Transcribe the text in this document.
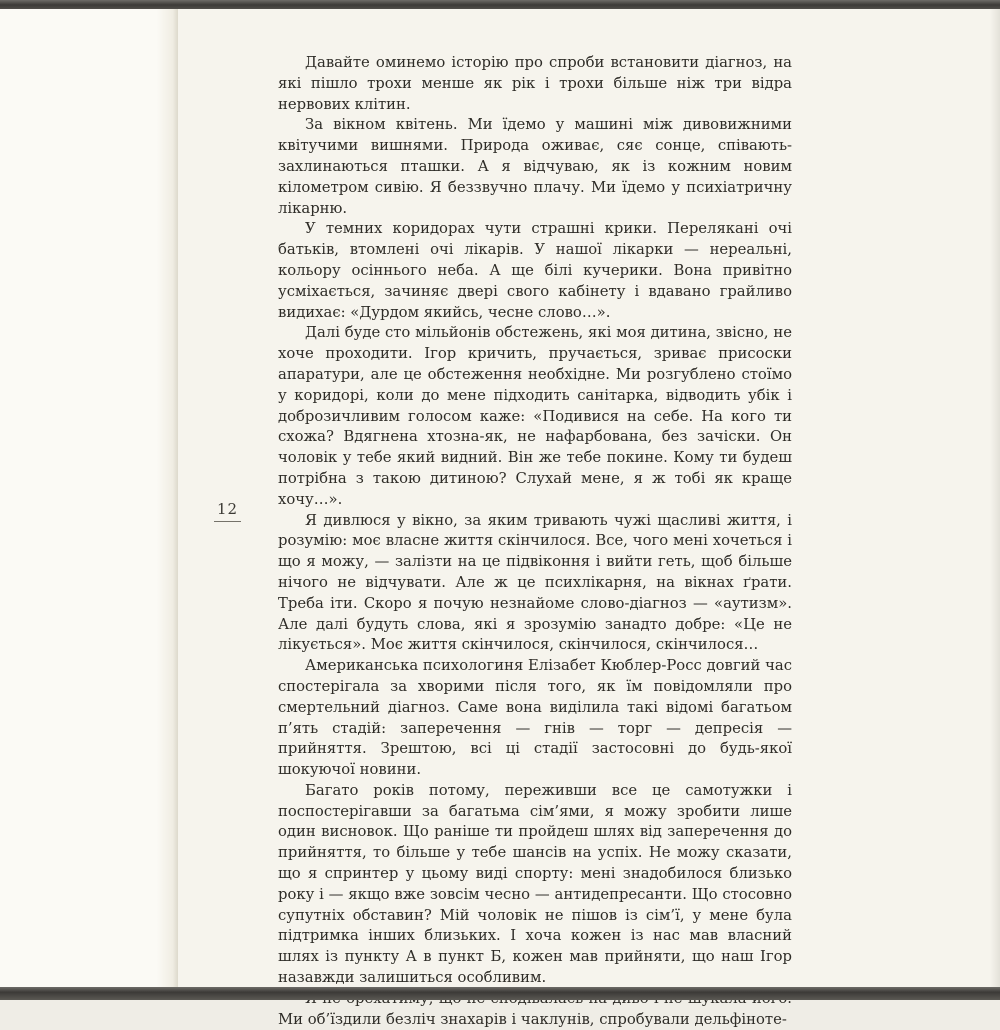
12

Давайте оминемо історію про спроби встановити діагноз, на які пішло трохи менше як рік і трохи більше ніж три відра нервових клітин.

За вікном квітень. Ми їдемо у машині між дивовижними квітучими вишнями. Природа оживає, сяє сонце, співають-захлинаються пташки. А я відчуваю, як із кожним новим кілометром сивію. Я беззвучно плачу. Ми їдемо у психіатричну лікарню.

У темних коридорах чути страшні крики. Перелякані очі батьків, втомлені очі лікарів. У нашої лікарки — нереальні, кольору осіннього неба. А ще білі кучерики. Вона привітно усміхається, зачиняє двері свого кабінету і вдавано грайливо видихає: «Дурдом якийсь, чесне слово…».

Далі буде сто мільйонів обстежень, які моя дитина, звісно, не хоче проходити. Ігор кричить, пручається, зриває присоски апаратури, але це обстеження необхідне. Ми розгублено стоїмо у коридорі, коли до мене підходить санітарка, відводить убік і доброзичливим голосом каже: «Подивися на себе. На кого ти схожа? Вдягнена хтозна-як, не нафарбована, без зачіски. Он чоловік у тебе який видний. Він же тебе покине. Кому ти будеш потрібна з такою дитиною? Слухай мене, я ж тобі як краще хочу…».

Я дивлюся у вікно, за яким тривають чужі щасливі життя, і розумію: моє власне життя скінчилося. Все, чого мені хочеться і що я можу, — залізти на це підвіконня і вийти геть, щоб більше нічого не відчувати. Але ж це психлікарня, на вікнах ґрати. Треба іти. Скоро я почую незнайоме слово-діагноз — «аутизм». Але далі будуть слова, які я зрозумію занадто добре: «Це не лікується». Моє життя скінчилося, скінчилося, скінчилося…

Американська психологиня Елізабет Кюблер-Росс довгий час спостерігала за хворими після того, як їм повідомляли про смертельний діагноз. Саме вона виділила такі відомі багатьом п’ять стадій: заперечення — гнів — торг — депресія — прийняття. Зрештою, всі ці стадії застосовні до будь-якої шокуючої новини.

Багато років потому, переживши все це самотужки і поспостерігавши за багатьма сім’ями, я можу зробити лише один висновок. Що раніше ти пройдеш шлях від заперечення до прийняття, то більше у тебе шансів на успіх. Не можу сказати, що я спринтер у цьому виді спорту: мені знадобилося близько року і — якщо вже зовсім чесно — антидепресанти. Що стосовно супутніх обставин? Мій чоловік не пішов із сім’ї, у мене була підтримка інших близьких. І хоча кожен із нас мав власний шлях із пункту А в пункт Б, кожен мав прийняти, що наш Ігор назавжди залишиться особливим.

Ми об’їздили безліч знахарів і чаклунів, спробували дельфіноте-
